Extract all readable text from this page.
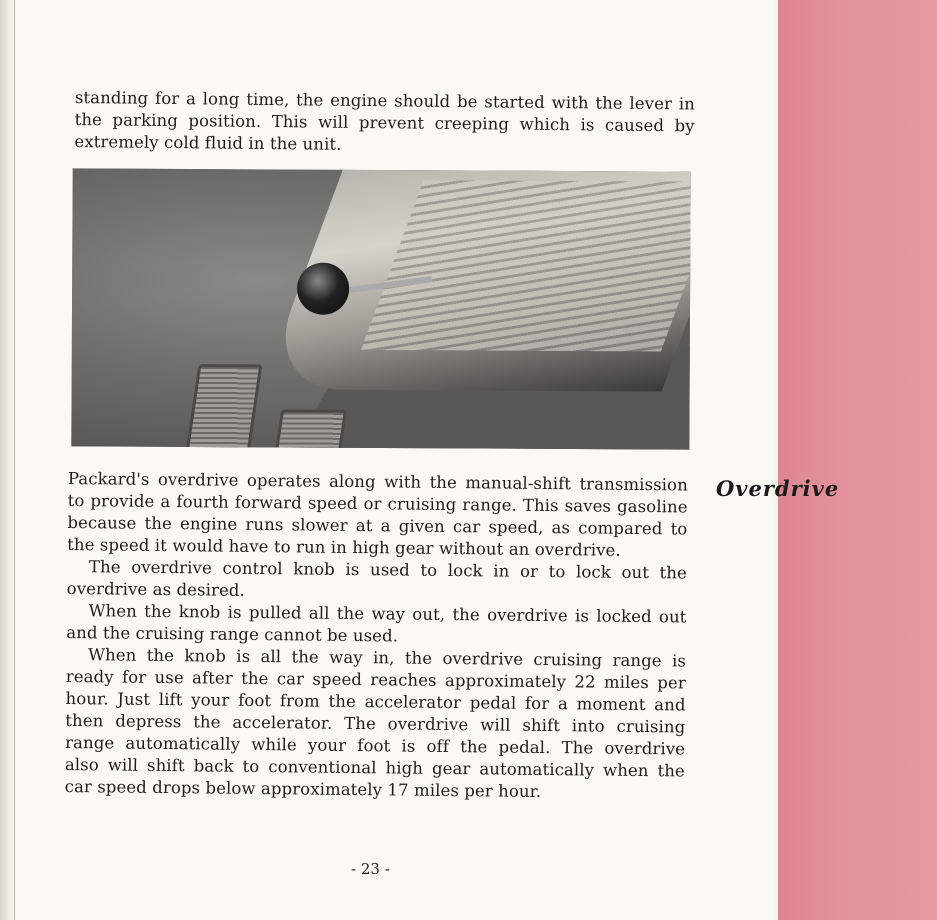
standing for a long time, the engine should be started with the lever in
the parking position. This will prevent creeping which is caused by
extremely cold fluid in the unit.
Overdrive
Packard's overdrive operates along with the manual-shift transmission
to provide a fourth forward speed or cruising range. This saves gasoline
because the engine runs slower at a given car speed, as compared to
the speed it would have to run in high gear without an overdrive.
The overdrive control knob is used to lock in or to lock out the
overdrive as desired.
When the knob is pulled all the way out, the overdrive is locked out
and the cruising range cannot be used.
When the knob is all the way in, the overdrive cruising range is
ready for use after the car speed reaches approximately 22 miles per
hour. Just lift your foot from the accelerator pedal for a moment and
then depress the accelerator. The overdrive will shift into cruising
range automatically while your foot is off the pedal. The overdrive
also will shift back to conventional high gear automatically when the
car speed drops below approximately 17 miles per hour.
- 23 -
